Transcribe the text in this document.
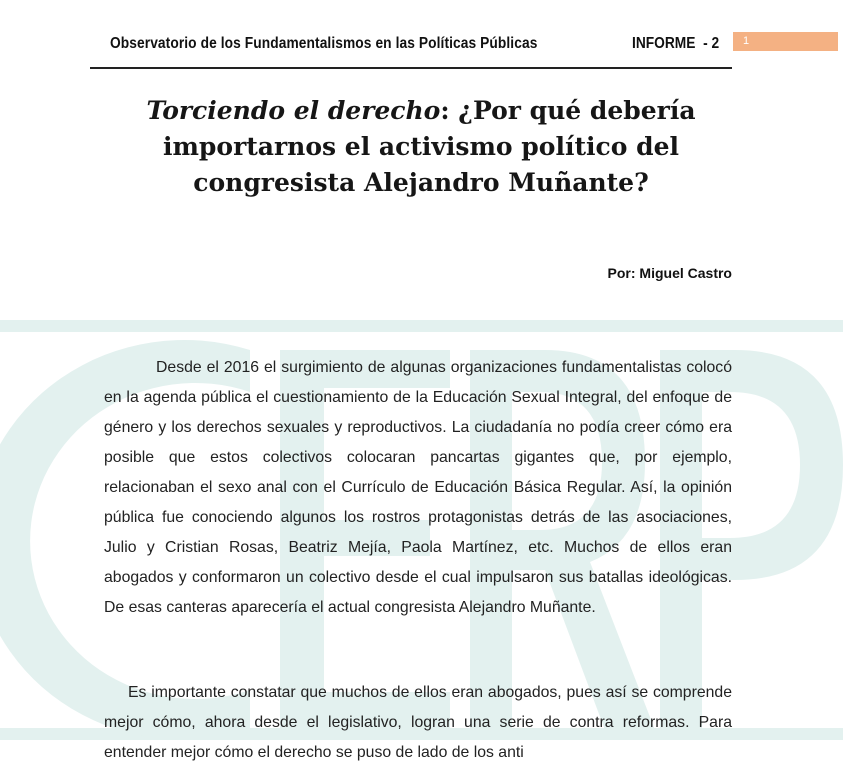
Observatorio de los Fundamentalismos en las Políticas Públicas	INFORME  - 2 1
Torciendo el derecho: ¿Por qué debería importarnos el activismo político del congresista Alejandro Muñante?
Por: Miguel Castro

Desde el 2016 el surgimiento de algunas organizaciones fundamentalistas colocó en la agenda pública el cuestionamiento de la Educación Sexual Integral, del enfoque de género y los derechos sexuales y reproductivos. La ciudadanía no podía creer cómo era posible que estos colectivos colocaran pancartas gigantes que, por ejemplo, relacionaban el sexo anal con el Currículo de Educación Básica Regular. Así, la opinión pública fue conociendo algunos los rostros protagonistas detrás de las asociaciones, Julio y Cristian Rosas, Beatriz Mejía, Paola Martínez, etc. Muchos de ellos eran abogados y conformaron un colectivo desde el cual impulsaron sus batallas ideológicas. De esas canteras aparecería el actual congresista Alejandro Muñante.

Es importante constatar que muchos de ellos eran abogados, pues así se comprende mejor cómo, ahora desde el legislativo, logran una serie de contra reformas. Para entender mejor cómo el derecho se puso de lado de los anti
